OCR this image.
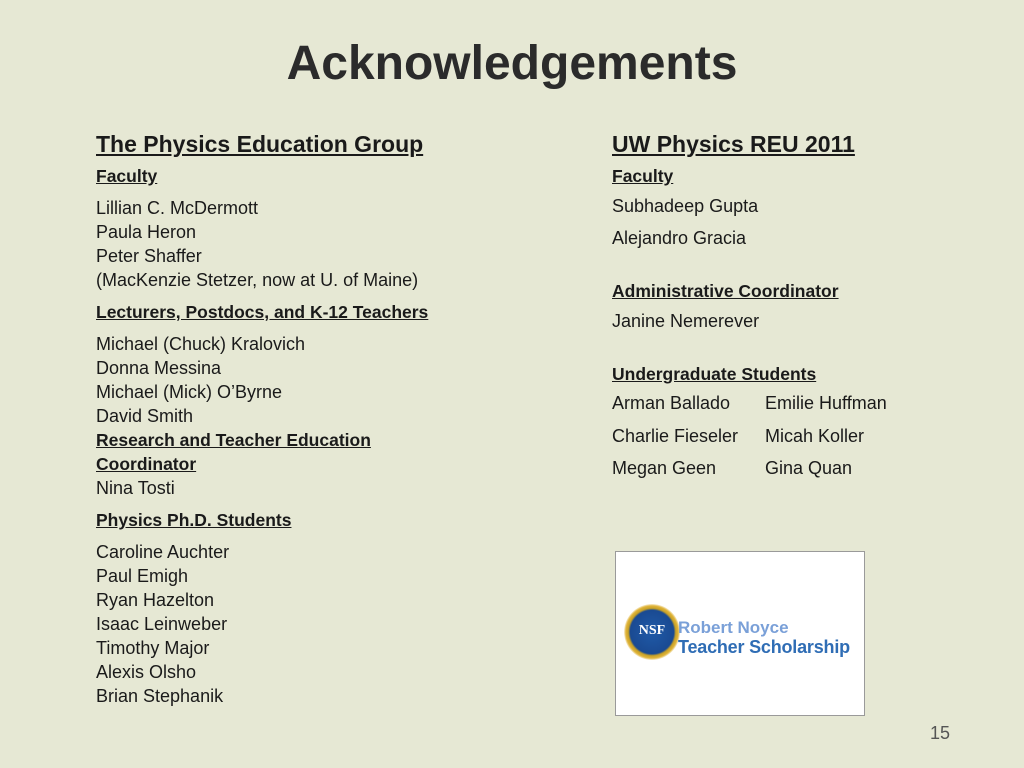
Acknowledgements
The Physics Education Group
Faculty
Lillian C. McDermott
Paula Heron
Peter Shaffer
(MacKenzie Stetzer, now at U. of Maine)
Lecturers, Postdocs, and K-12 Teachers
Michael (Chuck) Kralovich
Donna Messina
Michael (Mick) O’Byrne
David Smith
Research and Teacher Education
Coordinator
Nina Tosti
Physics Ph.D. Students
Caroline Auchter
Paul Emigh
Ryan Hazelton
Isaac Leinweber
Timothy Major
Alexis Olsho
Brian Stephanik
UW Physics REU 2011
Faculty
Subhadeep Gupta
Alejandro Gracia
Administrative Coordinator
Janine Nemerever
Undergraduate Students
Arman Ballado	Emilie Huffman
Charlie Fieseler	Micah Koller
Megan Geen	Gina Quan
NSF Robert Noyce
Teacher Scholarship
15
